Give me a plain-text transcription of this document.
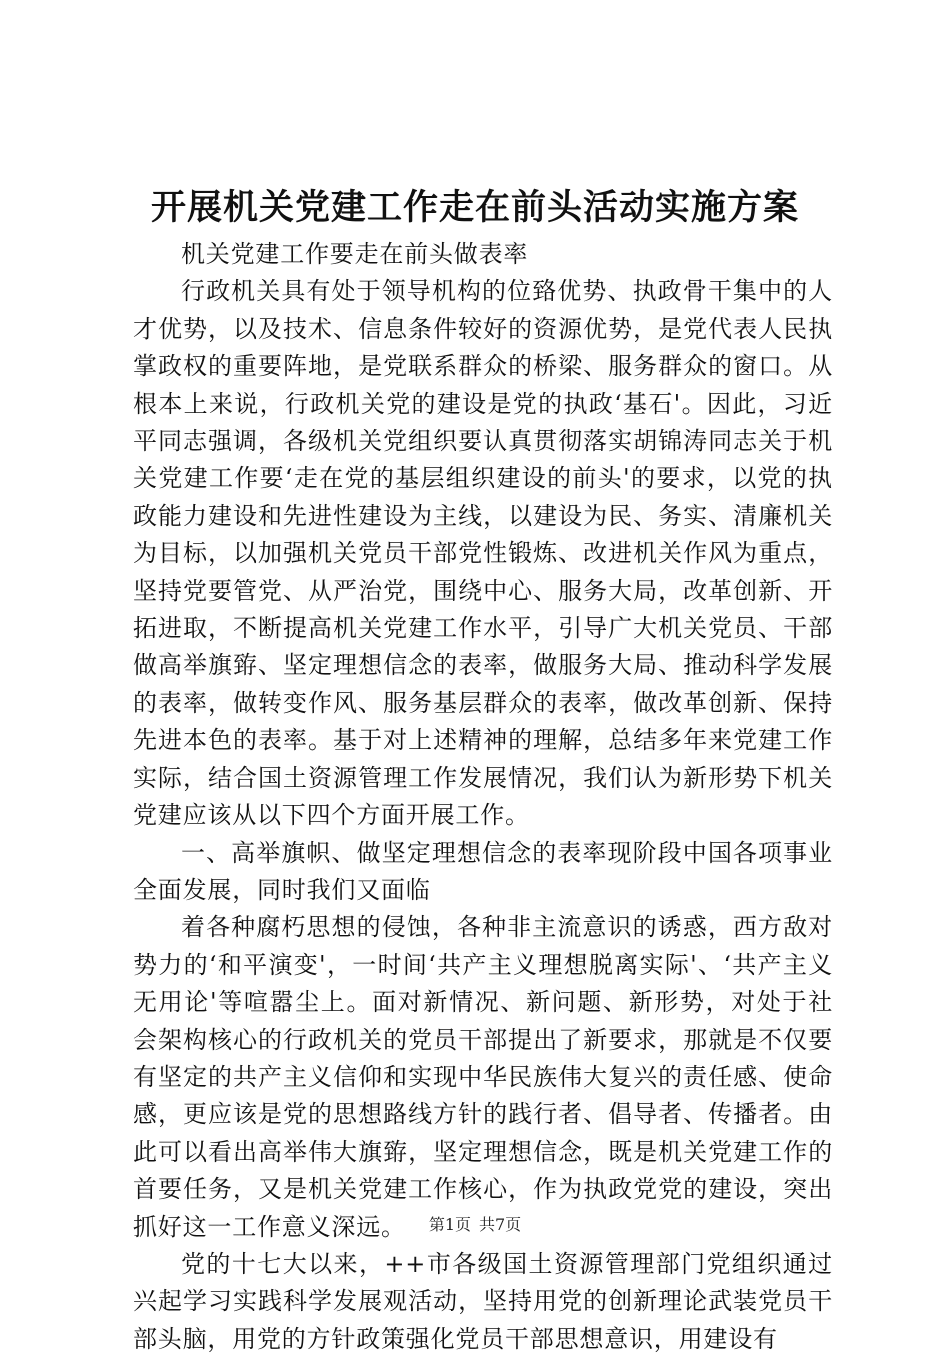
开展机关党建工作走在前头活动实施方案

机关党建工作要走在前头做表率

行政机关具有处于领导机构的位臵优势、执政骨干集中的人才优势，以及技术、信息条件较好的资源优势，是党代表人民执掌政权的重要阵地，是党联系群众的桥梁、服务群众的窗口。从根本上来说，行政机关党的建设是党的执政‘基石'。因此，习近平同志强调，各级机关党组织要认真贯彻落实胡锦涛同志关于机关党建工作要‘走在党的基层组织建设的前头'的要求，以党的执政能力建设和先进性建设为主线，以建设为民、务实、清廉机关为目标，以加强机关党员干部党性锻炼、改进机关作风为重点，坚持党要管党、从严治党，围绕中心、服务大局，改革创新、开拓进取，不断提高机关党建工作水平，引导广大机关党员、干部做高举旗臶、坚定理想信念的表率，做服务大局、推动科学发展的表率，做转变作风、服务基层群众的表率，做改革创新、保持先进本色的表率。基于对上述精神的理解，总结多年来党建工作实际，结合国土资源管理工作发展情况，我们认为新形势下机关党建应该从以下四个方面开展工作。

一、高举旗帜、做坚定理想信念的表率现阶段中国各项事业全面发展，同时我们又面临

着各种腐朽思想的侵蚀，各种非主流意识的诱惑，西方敌对势力的‘和平演变'，一时间‘共产主义理想脱离实际'、‘共产主义无用论'等喧嚣尘上。面对新情况、新问题、新形势，对处于社会架构核心的行政机关的党员干部提出了新要求，那就是不仅要有坚定的共产主义信仰和实现中华民族伟大复兴的责任感、使命感，更应该是党的思想路线方针的践行者、倡导者、传播者。由此可以看出高举伟大旗臶，坚定理想信念，既是机关党建工作的首要任务，又是机关党建工作核心，作为执政党党的建设，突出抓好这一工作意义深远。

党的十七大以来，++市各级国土资源管理部门党组织通过兴起学习实践科学发展观活动，坚持用党的创新理论武装党员干部头脑，用党的方针政策强化党员干部思想意识，用建设有

第1页 共7页
